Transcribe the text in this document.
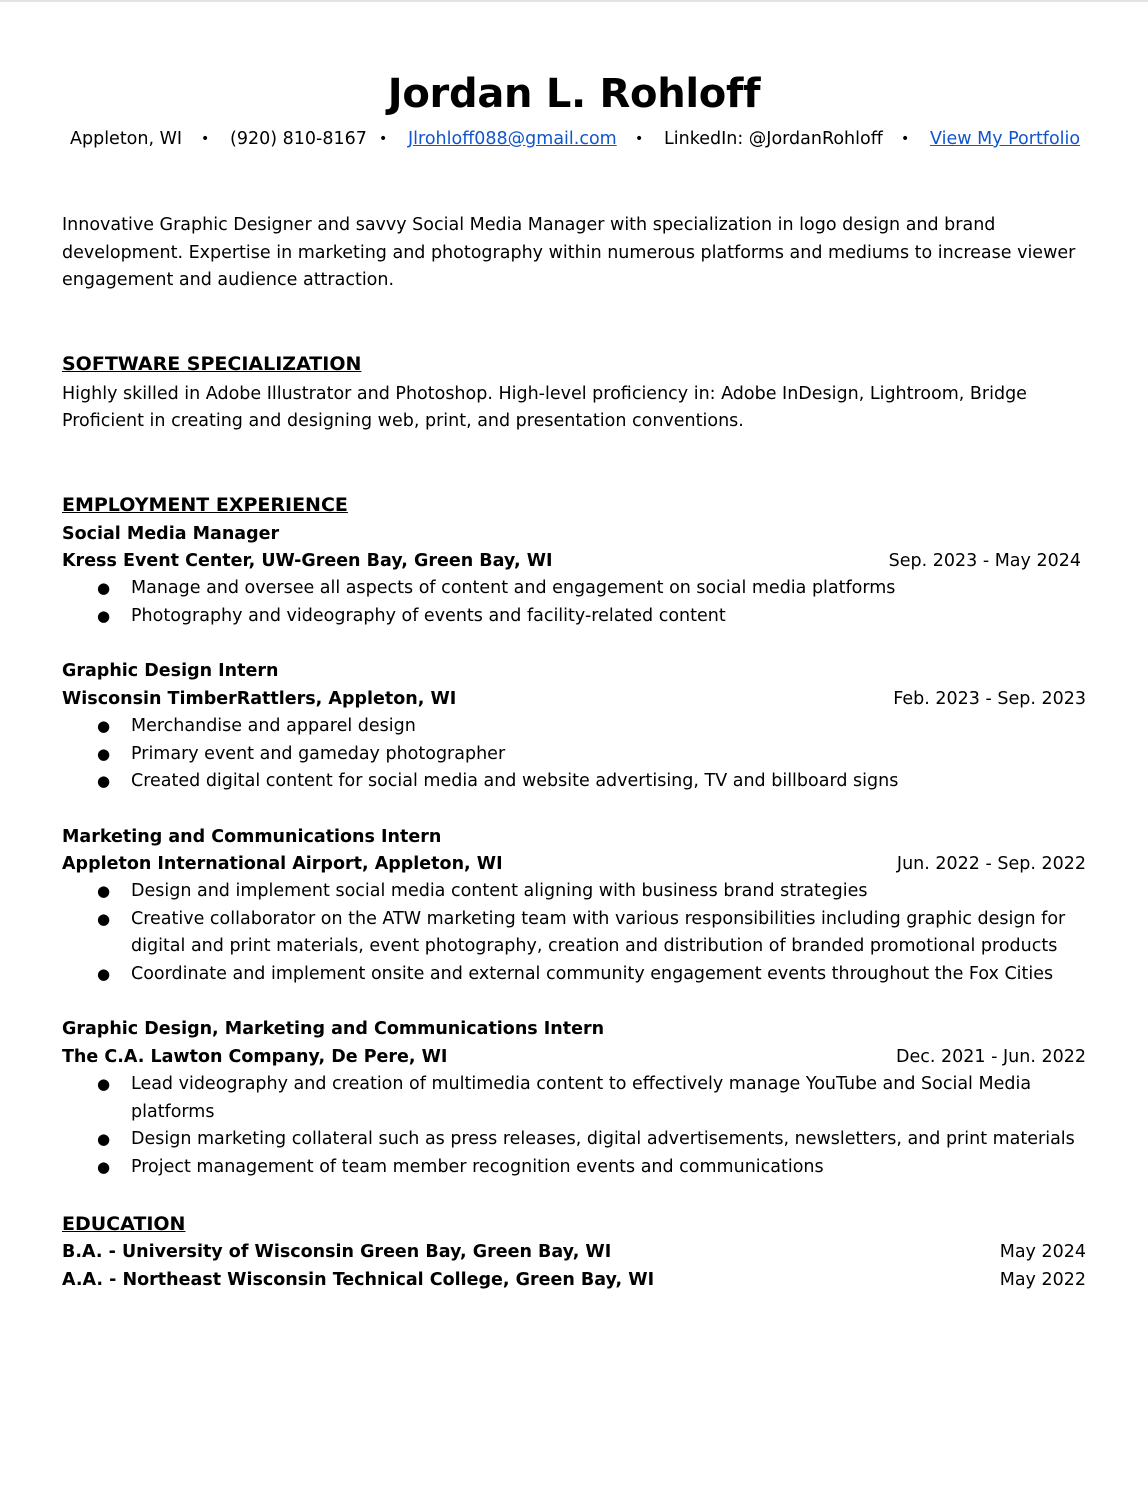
Jordan L. Rohloff
Appleton, WI • (920) 810-8167 • Jlrohloff088@gmail.com • LinkedIn: @JordanRohloff • View My Portfolio
Innovative Graphic Designer and savvy Social Media Manager with specialization in logo design and brand development. Expertise in marketing and photography within numerous platforms and mediums to increase viewer engagement and audience attraction.
SOFTWARE SPECIALIZATION
Highly skilled in Adobe Illustrator and Photoshop. High-level proficiency in: Adobe InDesign, Lightroom, Bridge
Proficient in creating and designing web, print, and presentation conventions.
EMPLOYMENT EXPERIENCE
Social Media Manager
Kress Event Center, UW-Green Bay, Green Bay, WI	Sep. 2023 - May 2024
● Manage and oversee all aspects of content and engagement on social media platforms
● Photography and videography of events and facility-related content
Graphic Design Intern
Wisconsin TimberRattlers, Appleton, WI	Feb. 2023 - Sep. 2023
● Merchandise and apparel design
● Primary event and gameday photographer
● Created digital content for social media and website advertising, TV and billboard signs
Marketing and Communications Intern
Appleton International Airport, Appleton, WI	Jun. 2022 - Sep. 2022
● Design and implement social media content aligning with business brand strategies
● Creative collaborator on the ATW marketing team with various responsibilities including graphic design for digital and print materials, event photography, creation and distribution of branded promotional products
● Coordinate and implement onsite and external community engagement events throughout the Fox Cities
Graphic Design, Marketing and Communications Intern
The C.A. Lawton Company, De Pere, WI	Dec. 2021 - Jun. 2022
● Lead videography and creation of multimedia content to effectively manage YouTube and Social Media platforms
● Design marketing collateral such as press releases, digital advertisements, newsletters, and print materials
● Project management of team member recognition events and communications
EDUCATION
B.A. - University of Wisconsin Green Bay, Green Bay, WI	May 2024
A.A. - Northeast Wisconsin Technical College, Green Bay, WI	May 2022
